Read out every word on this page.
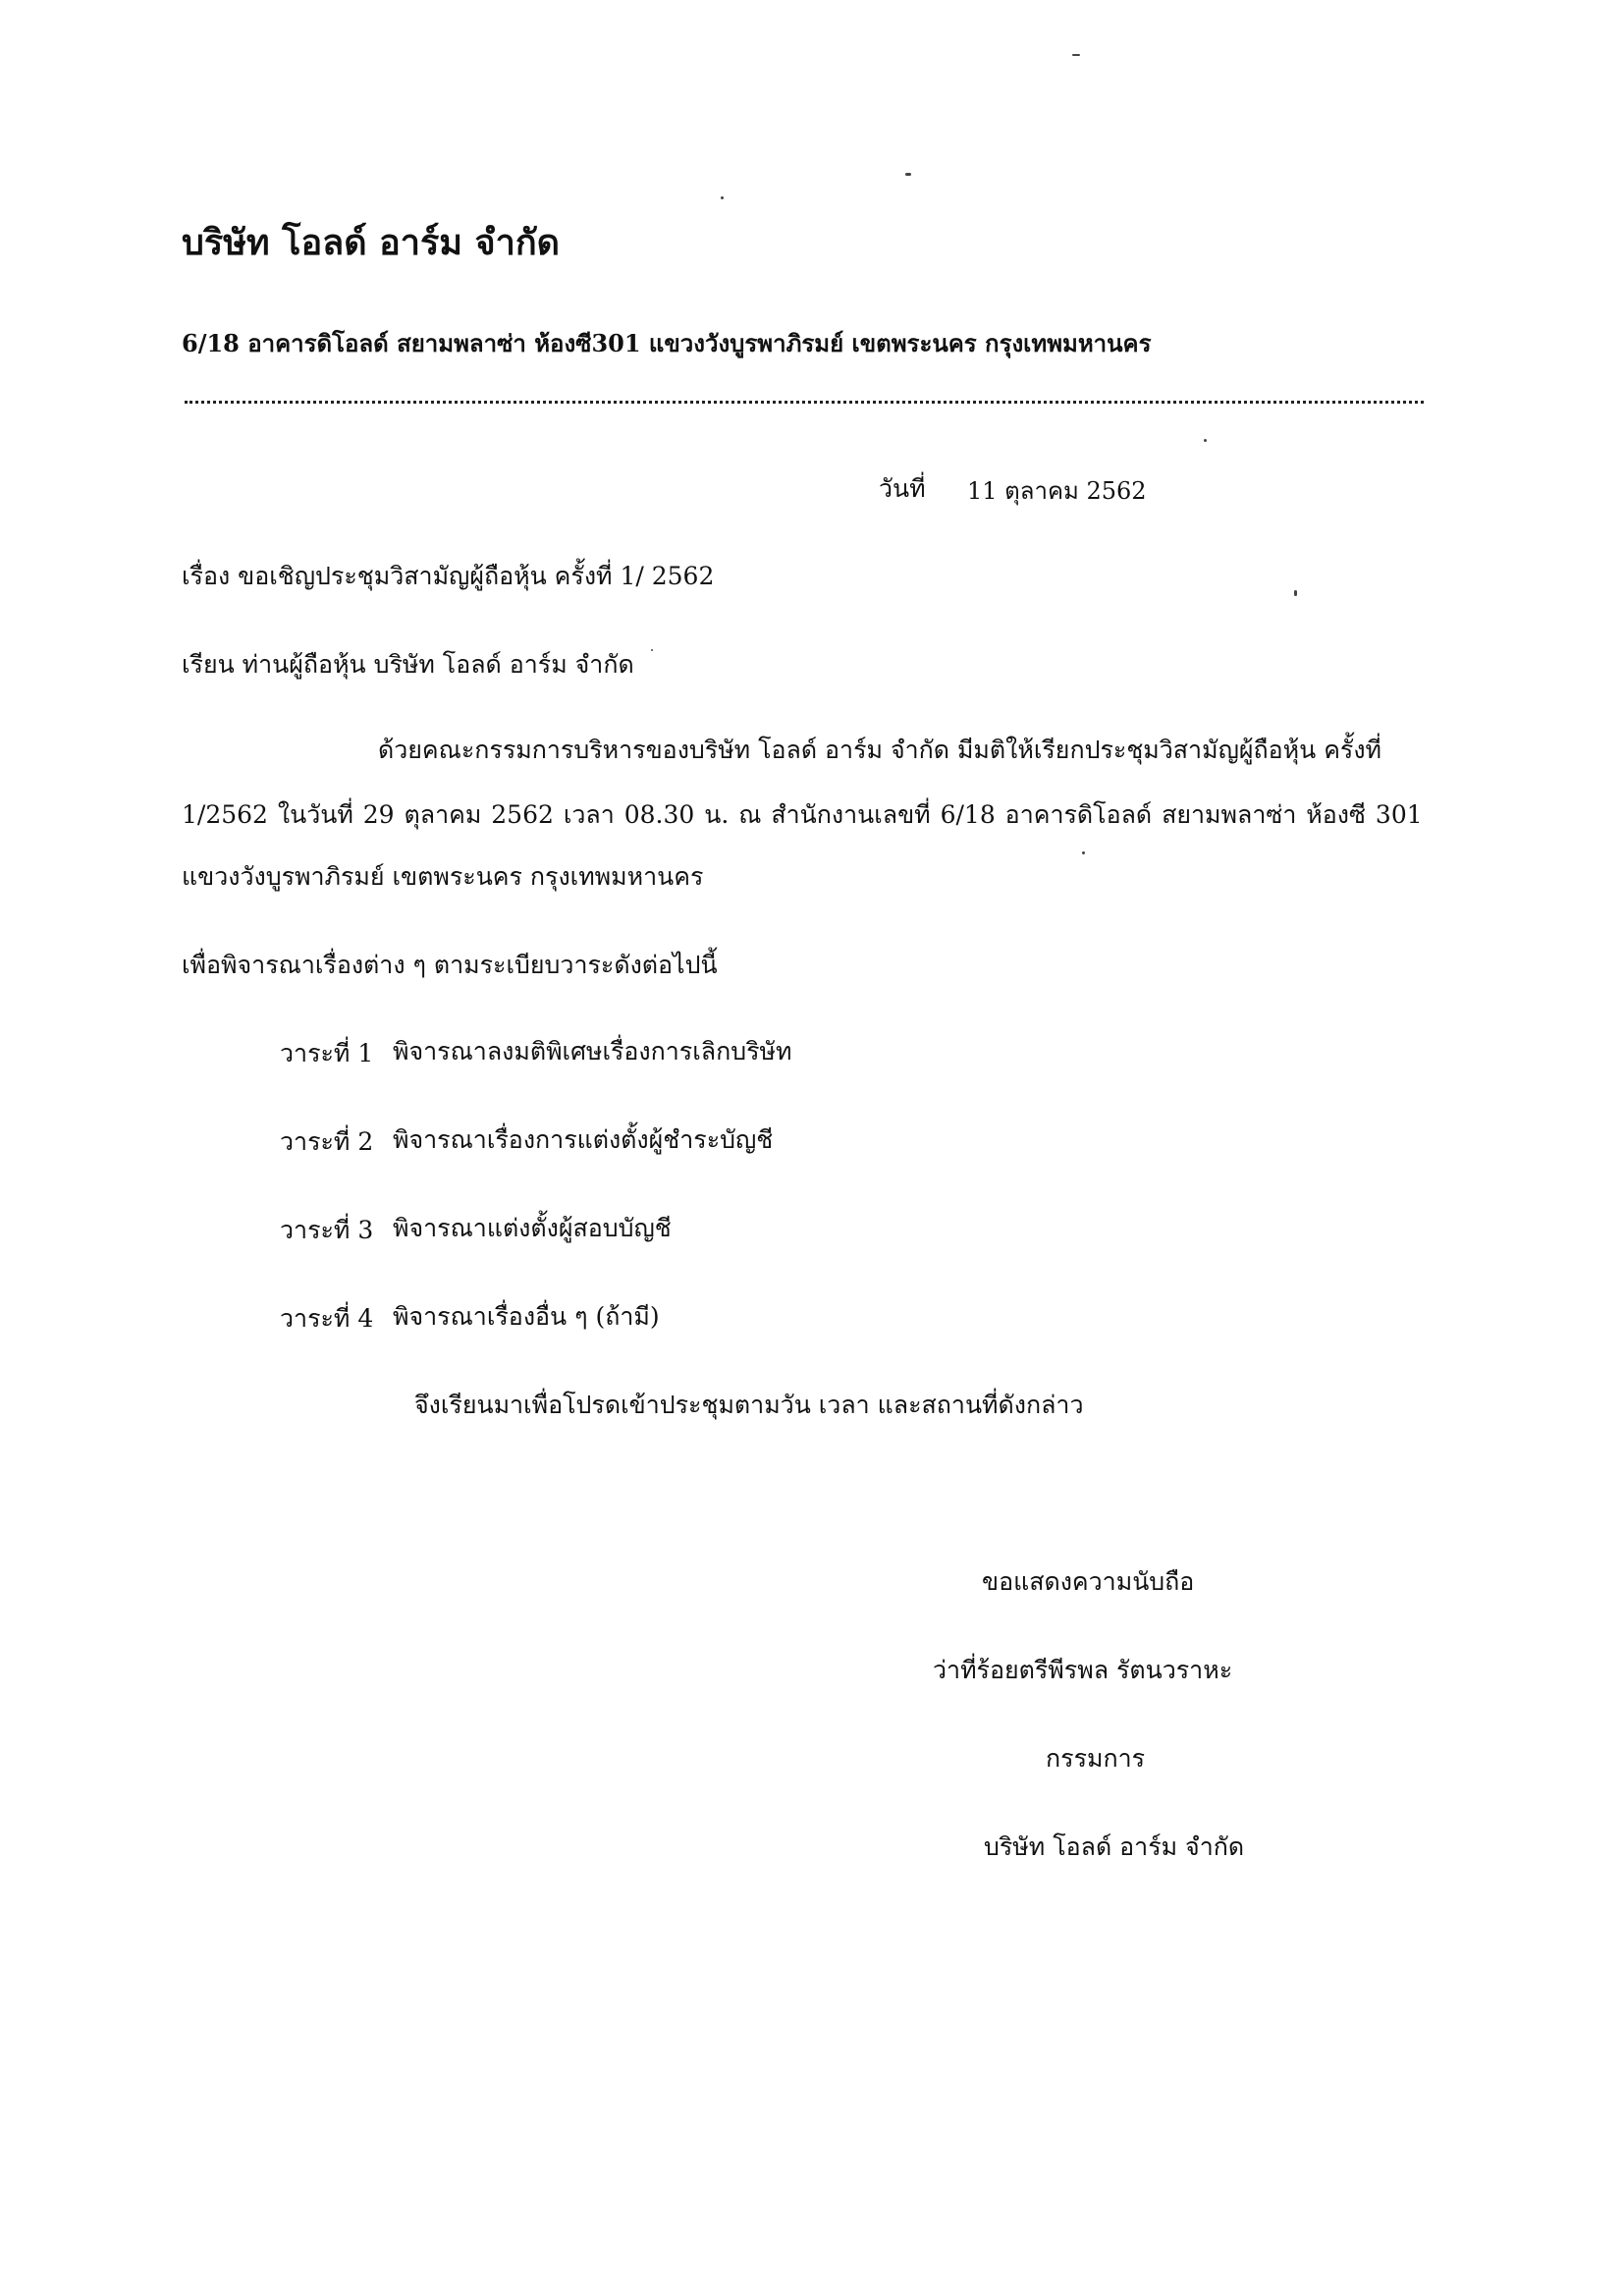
บริษัท โอลด์ อาร์ม จำกัด
6/18 อาคารดิโอลด์ สยามพลาซ่า ห้องซี301 แขวงวังบูรพาภิรมย์ เขตพระนคร กรุงเทพมหานคร
วันที่ 11 ตุลาคม 2562
เรื่อง ขอเชิญประชุมวิสามัญผู้ถือหุ้น ครั้งที่ 1/ 2562
เรียน ท่านผู้ถือหุ้น บริษัท โอลด์ อาร์ม จำกัด
ด้วยคณะกรรมการบริหารของบริษัท โอลด์ อาร์ม จำกัด มีมติให้เรียกประชุมวิสามัญผู้ถือหุ้น ครั้งที่
1/2562 ในวันที่ 29 ตุลาคม 2562 เวลา 08.30 น. ณ สำนักงานเลขที่ 6/18 อาคารดิโอลด์ สยามพลาซ่า ห้องซี 301
แขวงวังบูรพาภิรมย์ เขตพระนคร กรุงเทพมหานคร
เพื่อพิจารณาเรื่องต่าง ๆ ตามระเบียบวาระดังต่อไปนี้
วาระที่ 1 พิจารณาลงมติพิเศษเรื่องการเลิกบริษัท
วาระที่ 2 พิจารณาเรื่องการแต่งตั้งผู้ชำระบัญชี
วาระที่ 3 พิจารณาแต่งตั้งผู้สอบบัญชี
วาระที่ 4 พิจารณาเรื่องอื่น ๆ (ถ้ามี)
จึงเรียนมาเพื่อโปรดเข้าประชุมตามวัน เวลา และสถานที่ดังกล่าว
ขอแสดงความนับถือ
ว่าที่ร้อยตรีพีรพล รัตนวราหะ
กรรมการ
บริษัท โอลด์ อาร์ม จำกัด
